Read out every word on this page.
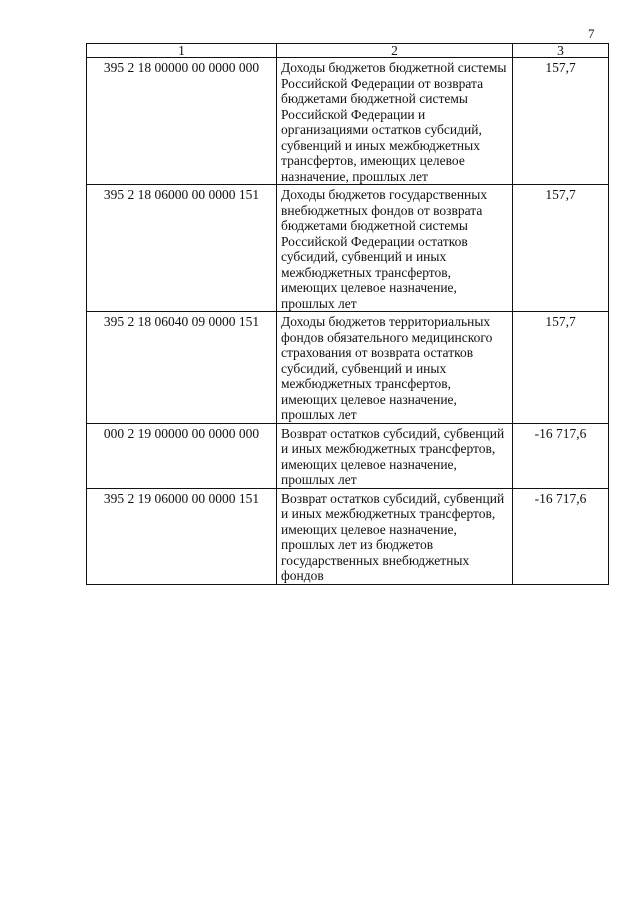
7
1	2	3
395 2 18 00000 00 0000 000	Доходы бюджетов бюджетной системы Российской Федерации от возврата бюджетами бюджетной системы Российской Федерации и организациями остатков субсидий, субвенций и иных межбюджетных трансфертов, имеющих целевое назначение, прошлых лет	157,7
395 2 18 06000 00 0000 151	Доходы бюджетов государственных внебюджетных фондов от возврата бюджетами бюджетной системы Российской Федерации остатков субсидий, субвенций и иных межбюджетных трансфертов, имеющих целевое назначение, прошлых лет	157,7
395 2 18 06040 09 0000 151	Доходы бюджетов территориальных фондов обязательного медицинского страхования от возврата остатков субсидий, субвенций и иных межбюджетных трансфертов, имеющих целевое назначение, прошлых лет	157,7
000 2 19 00000 00 0000 000	Возврат остатков субсидий, субвенций и иных межбюджетных трансфертов, имеющих целевое назначение, прошлых лет	-16 717,6
395 2 19 06000 00 0000 151	Возврат остатков субсидий, субвенций и иных межбюджетных трансфертов, имеющих целевое назначение, прошлых лет из бюджетов государственных внебюджетных фондов	-16 717,6
